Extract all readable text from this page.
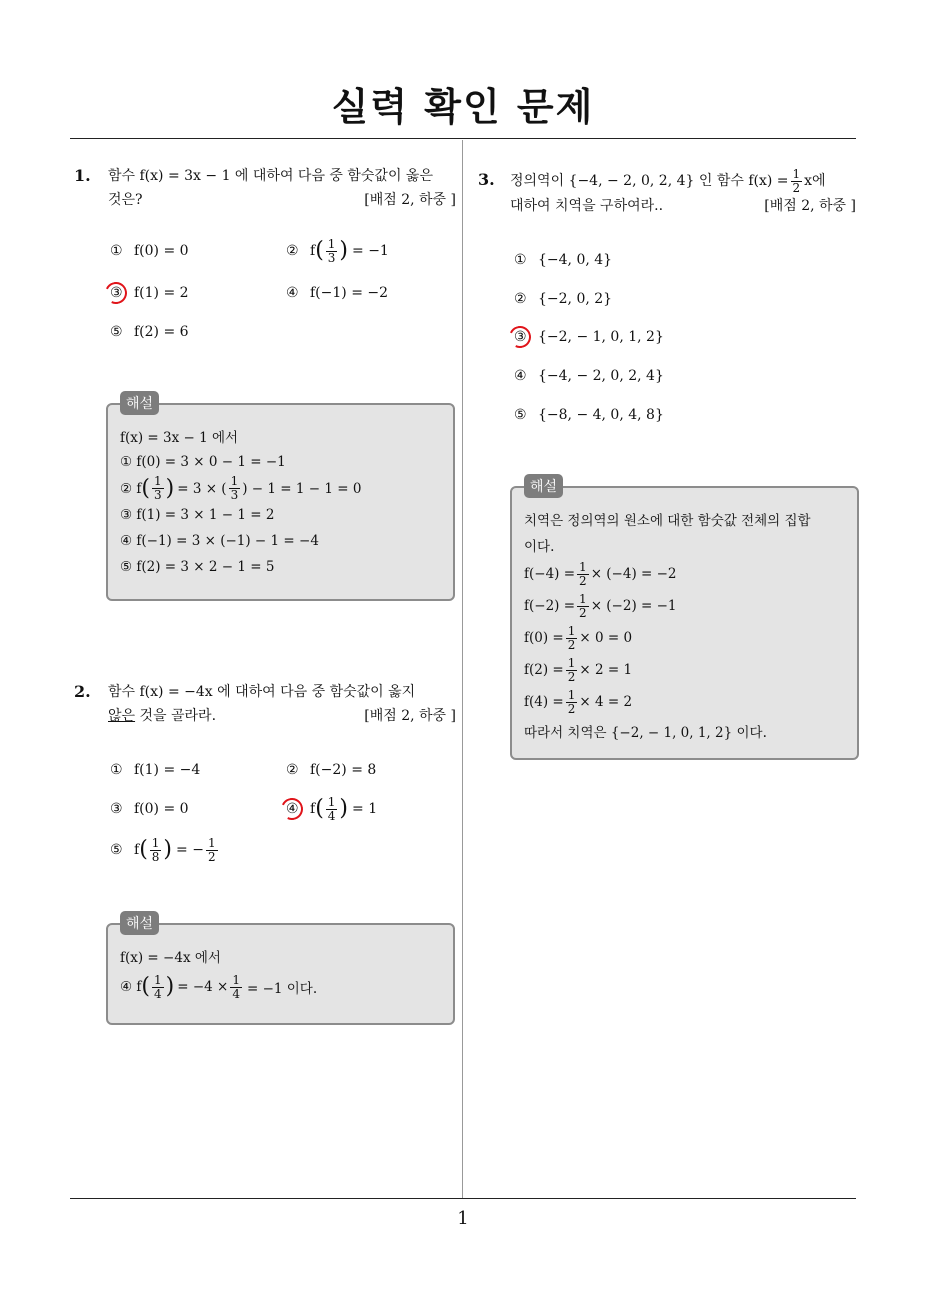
실력 확인 문제
1
1. 함수 f(x) = 3x − 1 에 대하여 다음 중 함숫값이 옳은
것은?	[배점 2, 하중 ]
① f(0) = 0	② f ( $\frac{1}{3}$ ) = −1
③ f(1) = 2	④ f(−1) = −2
⑤ f(2) = 6
해설
f(x) = 3x − 1 에서
① f(0) = 3 × 0 − 1 = −1
② f ( $\frac{1}{3}$ ) = 3 × ( $\frac{1}{3}$ ) − 1 = 1 − 1 = 0
③ f(1) = 3 × 1 − 1 = 2
④ f(−1) = 3 × (−1) − 1 = −4
⑤ f(2) = 3 × 2 − 1 = 5
2. 함수 f(x) = −4x 에 대하여 다음 중 함숫값이 옳지
않은 것을 골라라.	[배점 2, 하중 ]
① f(1) = −4	② f(−2) = 8
③ f(0) = 0	④ f ( $\frac{1}{4}$ ) = 1
⑤ f ( $\frac{1}{8}$ ) = − $\frac{1}{2}$
해설
f(x) = −4x 에서
④ f ( $\frac{1}{4}$ ) = $-4 \times \frac{1}{4} = -1$ 이다.
3. 정의역이 {−4, − 2, 0, 2, 4} 인 함수 $f(x) = \frac{1}{2}$ x에
대하여 치역을 구하여라..	[배점 2, 하중 ]
① {−4, 0, 4}
② {−2, 0, 2}
③ {−2, − 1, 0, 1, 2}
④ {−4, − 2, 0, 2, 4}
⑤ {−8, − 4, 0, 4, 8}
해설
치역은 정의역의 원소에 대한 함숫값 전체의 집합
이다.
$f(-4) = \frac{1}{2} \times (-4) = -2$
$f(-2) = \frac{1}{2} \times (-2) = -1$
$f(0) = \frac{1}{2} \times 0 = 0$
$f(2) = \frac{1}{2} \times 2 = 1$
$f(4) = \frac{1}{2} \times 4 = 2$
따라서 치역은 {−2, − 1, 0, 1, 2} 이다.
